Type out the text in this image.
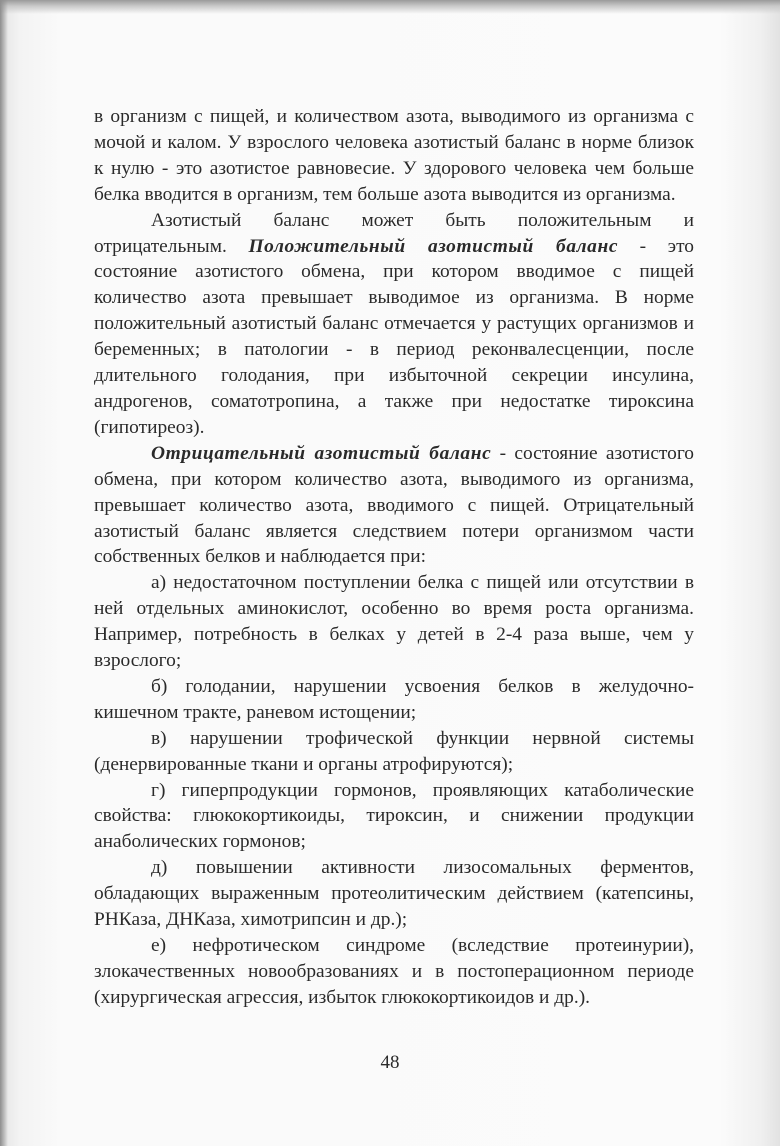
в организм с пищей, и количеством азота, выводимого из организма с мочой и калом. У взрослого человека азотистый баланс в норме близок к нулю - это азотистое равновесие. У здорового человека чем больше белка вводится в организм, тем больше азота выводится из организма.

Азотистый баланс может быть положительным и отрицательным. Положительный азотистый баланс - это состояние азотистого обмена, при котором вводимое с пищей количество азота превышает выводимое из организма. В норме положительный азотистый баланс отмечается у растущих организмов и беременных; в патологии - в период реконвалесценции, после длительного голодания, при избыточной секреции инсулина, андрогенов, соматотропина, а также при недостатке тироксина (гипотиреоз).

Отрицательный азотистый баланс - состояние азотистого обмена, при котором количество азота, выводимого из организма, превышает количество азота, вводимого с пищей. Отрицательный азотистый баланс является следствием потери организмом части собственных белков и наблюдается при:

а) недостаточном поступлении белка с пищей или отсутствии в ней отдельных аминокислот, особенно во время роста организма. Например, потребность в белках у детей в 2-4 раза выше, чем у взрослого;

б) голодании, нарушении усвоения белков в желудочно-кишечном тракте, раневом истощении;

в) нарушении трофической функции нервной системы (денервированные ткани и органы атрофируются);

г) гиперпродукции гормонов, проявляющих катаболические свойства: глюкокортикоиды, тироксин, и снижении продукции анаболических гормонов;

д) повышении активности лизосомальных ферментов, обладающих выраженным протеолитическим действием (катепсины, РНКаза, ДНКаза, химотрипсин и др.);

е) нефротическом синдроме (вследствие протеинурии), злокачественных новообразованиях и в постоперационном периоде (хирургическая агрессия, избыток глюкокортикоидов и др.).

48
